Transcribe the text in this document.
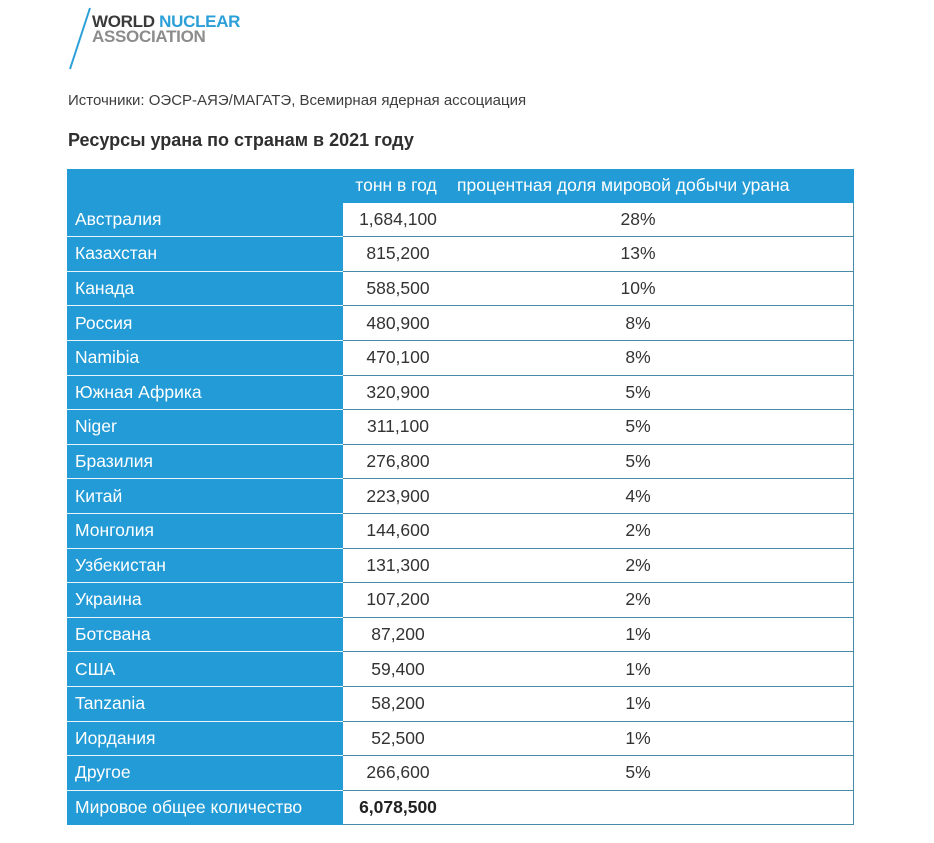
WORLD NUCLEAR
ASSOCIATION
Источники: ОЭСР-АЯЭ/МАГАТЭ, Всемирная ядерная ассоциация
Ресурсы урана по странам в 2021 году
	тонн в год	процентная доля мировой добычи урана
Австралия	1,684,100	28%
Казахстан	815,200	13%
Канада	588,500	10%
Россия	480,900	8%
Namibia	470,100	8%
Южная Африка	320,900	5%
Niger	311,100	5%
Бразилия	276,800	5%
Китай	223,900	4%
Монголия	144,600	2%
Узбекистан	131,300	2%
Украина	107,200	2%
Ботсвана	87,200	1%
США	59,400	1%
Tanzania	58,200	1%
Иордания	52,500	1%
Другое	266,600	5%
Мировое общее количество	6,078,500	
